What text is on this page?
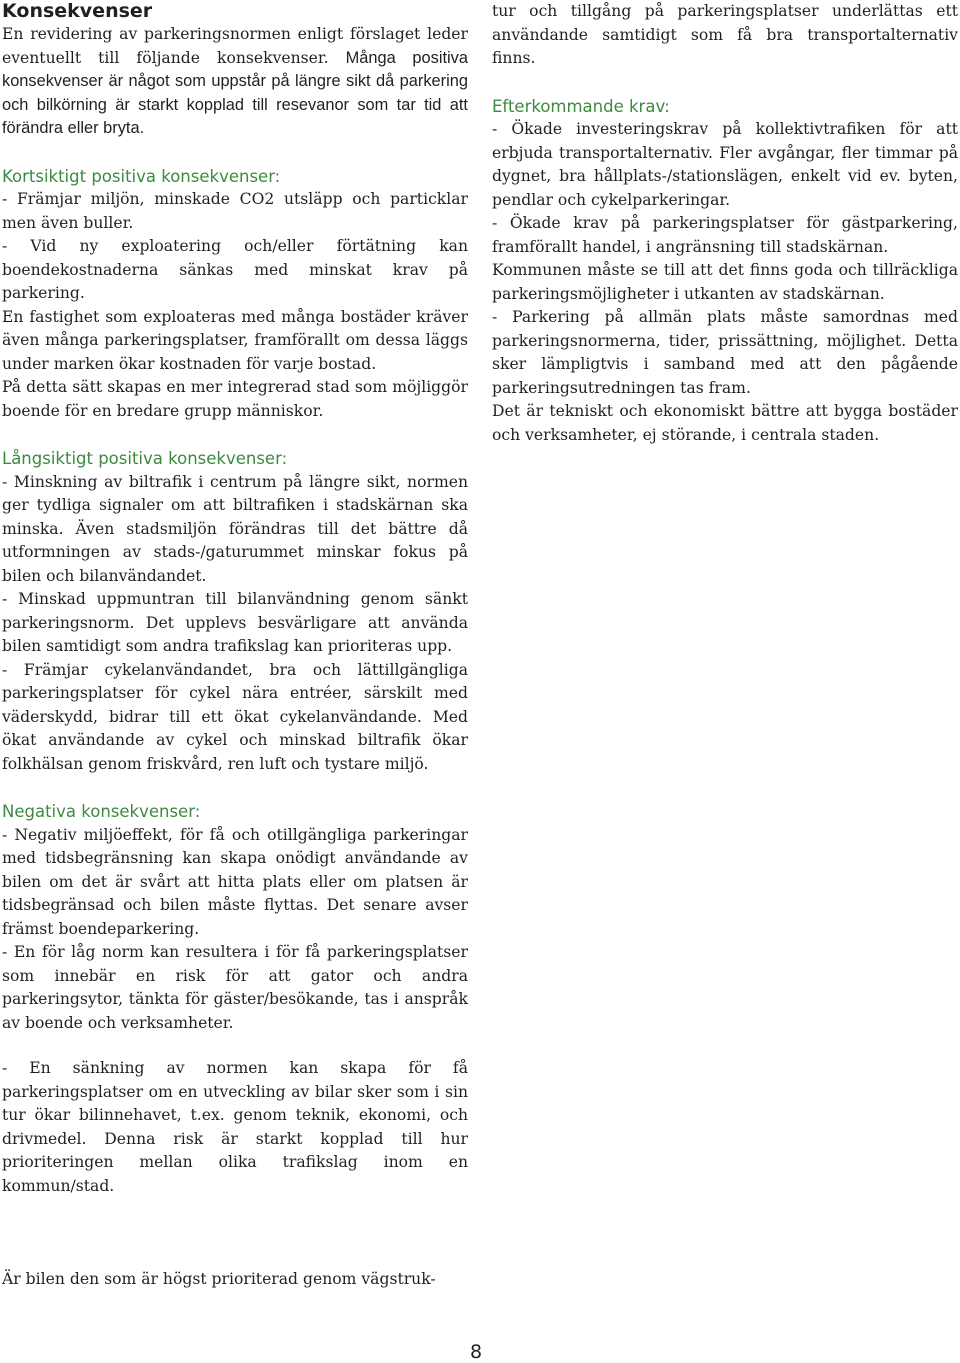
Konsekvenser

En revidering av parkeringsnormen enligt förslaget leder eventuellt till följande konsekvenser. Många positiva konsekvenser är något som uppstår på längre sikt då parkering och bilkörning är starkt kopplad till resevanor som tar tid att förändra eller bryta.

Kortsiktigt positiva konsekvenser:

- Främjar miljön, minskade CO2 utsläpp och particklar men även buller.

- Vid ny exploatering och/eller förtätning kan boendekostnaderna sänkas med minskat krav på parkering.

En fastighet som exploateras med många bostäder kräver även många parkeringsplatser, framförallt om dessa läggs under marken ökar kostnaden för varje bostad.

På detta sätt skapas en mer integrerad stad som möjliggör boende för en bredare grupp människor.

Långsiktigt positiva konsekvenser:

- Minskning av biltrafik i centrum på längre sikt, normen ger tydliga signaler om att biltrafiken i stadskärnan ska minska. Även stadsmiljön förändras till det bättre då utformningen av stads-/gaturummet minskar fokus på bilen och bilanvändandet.

- Minskad uppmuntran till bilanvändning genom sänkt parkeringsnorm. Det upplevs besvärligare att använda bilen samtidigt som andra trafikslag kan prioriteras upp.

- Främjar cykelanvändandet, bra och lättillgängliga parkeringsplatser för cykel nära entréer, särskilt med väderskydd, bidrar till ett ökat cykelanvändande. Med ökat användande av cykel och minskad biltrafik ökar folkhälsan genom friskvård, ren luft och tystare miljö.

Negativa konsekvenser:

- Negativ miljöeffekt, för få och otillgängliga parkeringar med tidsbegränsning kan skapa onödigt användande av bilen om det är svårt att hitta plats eller om platsen är tidsbegränsad och bilen måste flyttas. Det senare avser främst boendeparkering.

- En för låg norm kan resultera i för få parkeringsplatser som innebär en risk för att gator och andra parkeringsytor, tänkta för gäster/besökande, tas i anspråk av boende och verksamheter.

- En sänkning av normen kan skapa för få parkeringsplatser om en utveckling av bilar sker som i sin tur ökar bilinnehavet, t.ex. genom teknik, ekonomi, och drivmedel. Denna risk är starkt kopplad till hur prioriteringen mellan olika trafikslag inom en kommun/stad.

Är bilen den som är högst prioriterad genom vägstruk-

tur och tillgång på parkeringsplatser underlättas ett användande samtidigt som få bra transportalternativ finns.

Efterkommande krav:

- Ökade investeringskrav på kollektivtrafiken för att erbjuda transportalternativ. Fler avgångar, fler timmar på dygnet, bra hållplats-/stationslägen, enkelt vid ev. byten, pendlar och cykelparkeringar.

- Ökade krav på parkeringsplatser för gästparkering, framförallt handel, i angränsning till stadskärnan.

Kommunen måste se till att det finns goda och tillräckliga parkeringsmöjligheter i utkanten av stadskärnan.

- Parkering på allmän plats måste samordnas med parkeringsnormerna, tider, prissättning, möjlighet. Detta sker lämpligtvis i samband med att den pågående parkeringsutredningen tas fram.

Det är tekniskt och ekonomiskt bättre att bygga bostäder och verksamheter, ej störande, i centrala staden.

8
